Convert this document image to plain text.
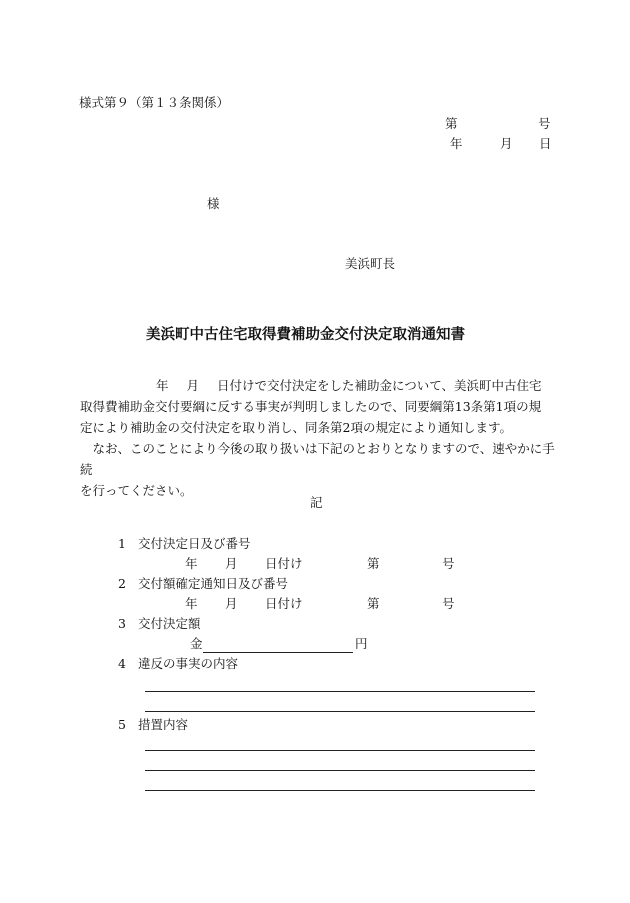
様式第９（第１３条関係）
第	号
年	月 日
様
美浜町長
美浜町中古住宅取得費補助金交付決定取消通知書
年 月 日付けで交付決定をした補助金について、美浜町中古住宅
取得費補助金交付要綱に反する事実が判明しましたので、同要綱第13条第1項の規
定により補助金の交付決定を取り消し、同条第2項の規定により通知します。
　なお、このことにより今後の取り扱いは下記のとおりとなりますので、速やかに手続
を行ってください。
記
1 交付決定日及び番号
年 月 日付け	第	号
2 交付額確定通知日及び番号
年 月 日付け	第	号
3 交付決定額
金	円
4 違反の事実の内容
5 措置内容
